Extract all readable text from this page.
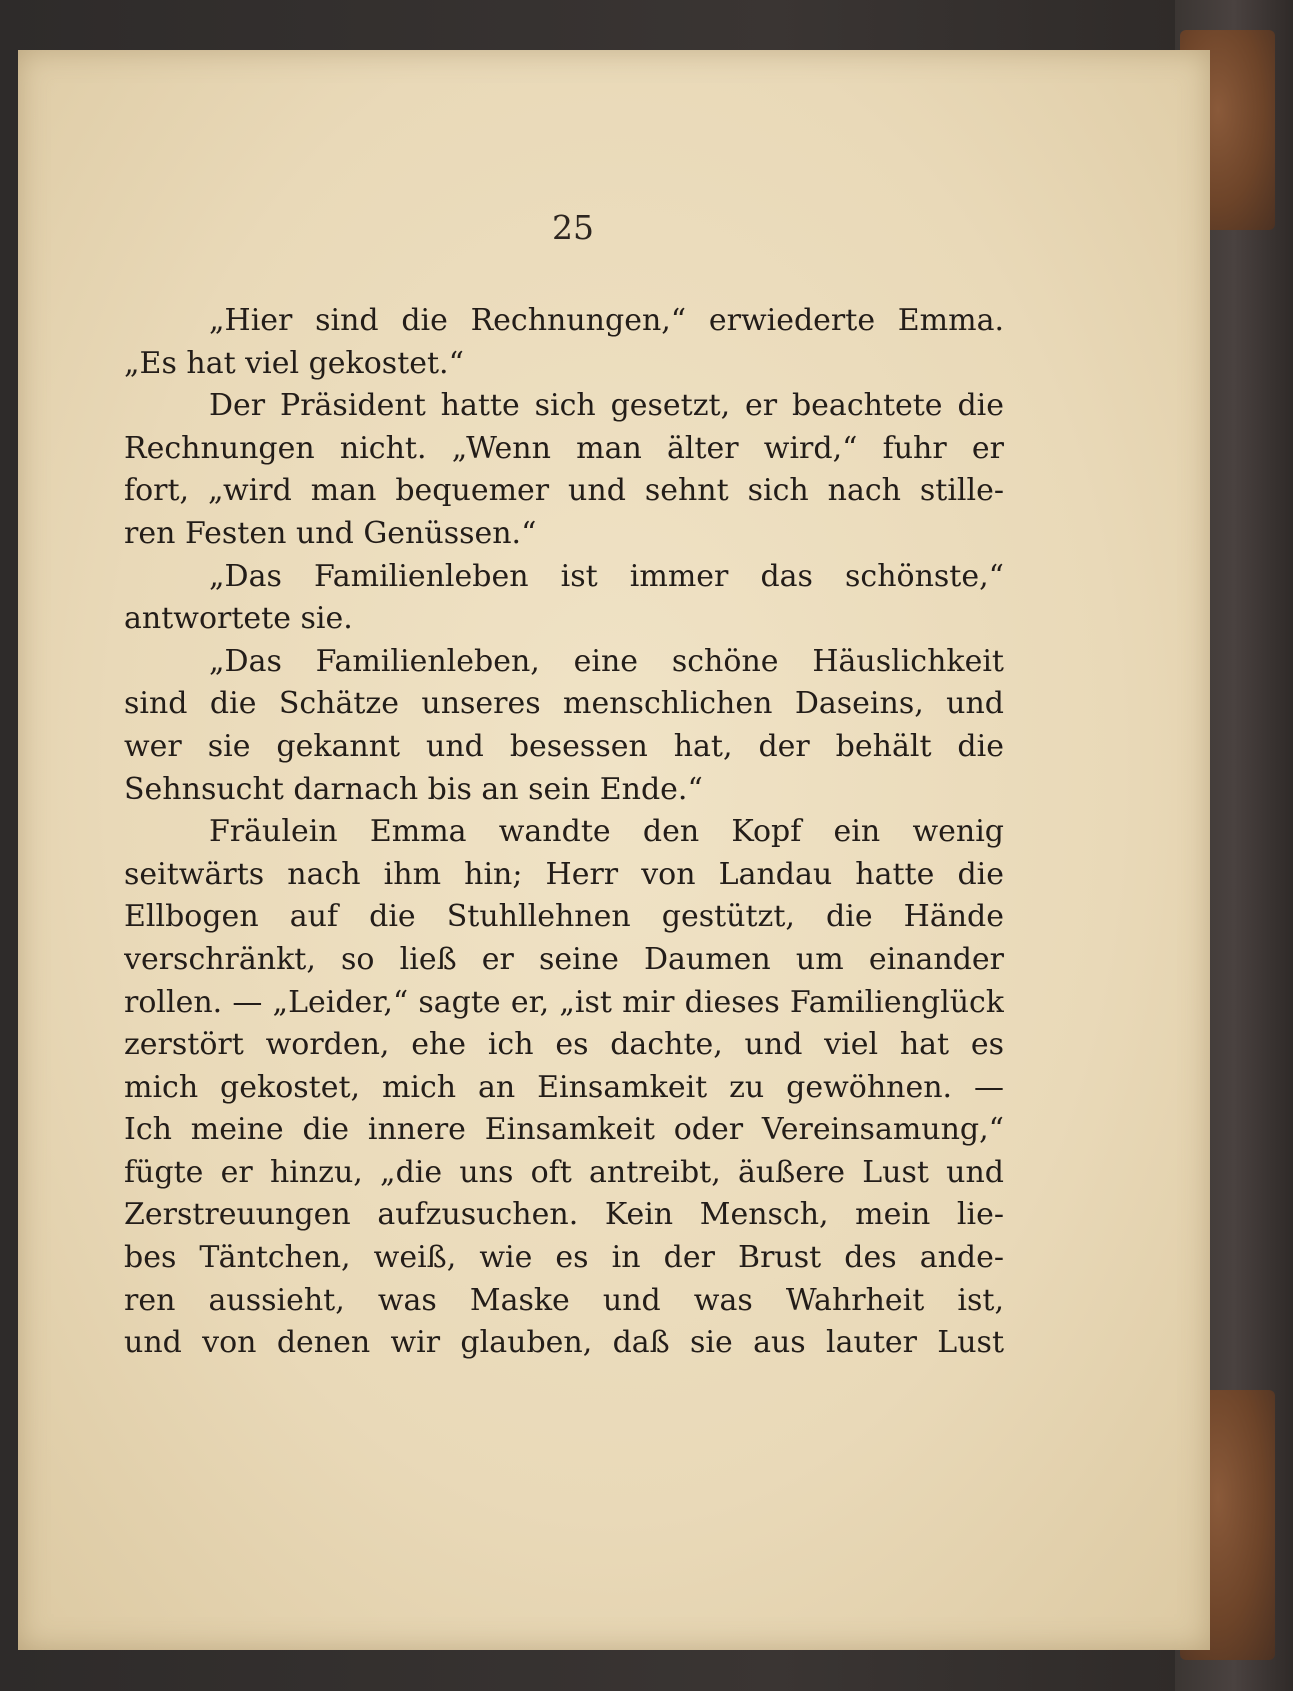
25
„Hier sind die Rechnungen,“ erwiederte Emma.
„Es hat viel gekostet.“
Der Präsident hatte sich gesetzt, er beachtete die
Rechnungen nicht. „Wenn man älter wird,“ fuhr er
fort, „wird man bequemer und sehnt sich nach stille-
ren Festen und Genüssen.“
„Das Familienleben ist immer das schönste,“
antwortete sie.
„Das Familienleben, eine schöne Häuslichkeit
sind die Schätze unseres menschlichen Daseins, und
wer sie gekannt und besessen hat, der behält die
Sehnsucht darnach bis an sein Ende.“
Fräulein Emma wandte den Kopf ein wenig
seitwärts nach ihm hin; Herr von Landau hatte die
Ellbogen auf die Stuhllehnen gestützt, die Hände
verschränkt, so ließ er seine Daumen um einander
rollen. — „Leider,“ sagte er, „ist mir dieses Familienglück
zerstört worden, ehe ich es dachte, und viel hat es
mich gekostet, mich an Einsamkeit zu gewöhnen. —
Ich meine die innere Einsamkeit oder Vereinsamung,“
fügte er hinzu, „die uns oft antreibt, äußere Lust und
Zerstreuungen aufzusuchen. Kein Mensch, mein lie-
bes Täntchen, weiß, wie es in der Brust des ande-
ren aussieht, was Maske und was Wahrheit ist,
und von denen wir glauben, daß sie aus lauter Lust
